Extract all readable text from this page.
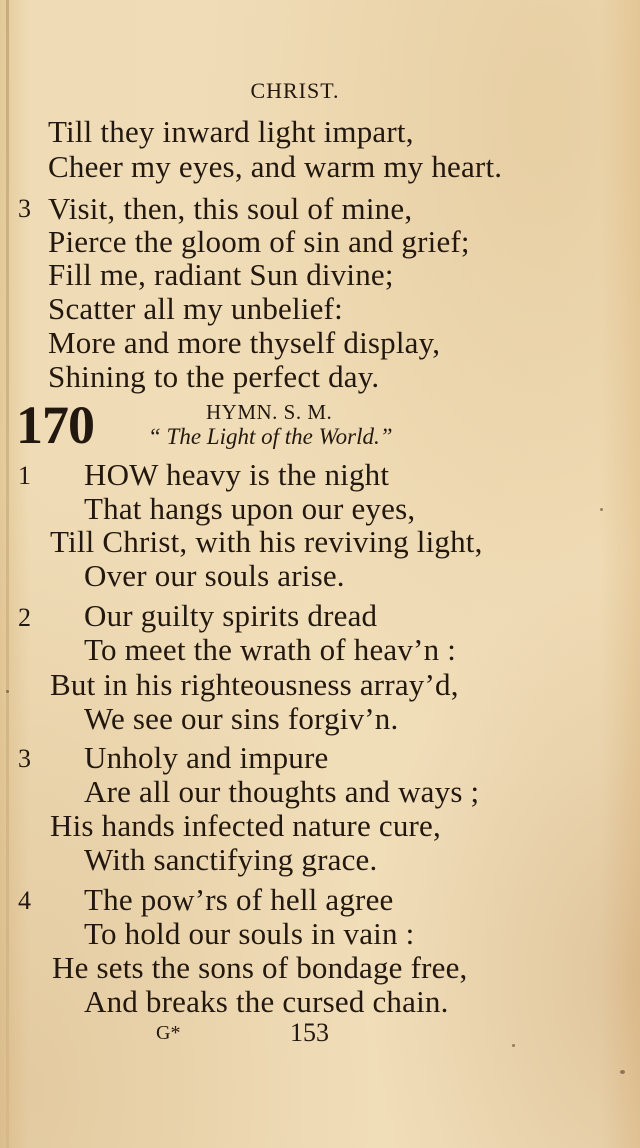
CHRIST.
Till they inward light impart,
Cheer my eyes, and warm my heart.
3 Visit, then, this soul of mine,
Pierce the gloom of sin and grief;
Fill me, radiant Sun divine;
Scatter all my unbelief:
More and more thyself display,
Shining to the perfect day.
170	HYMN. S. M.
“ The Light of the World.”
1 HOW heavy is the night
That hangs upon our eyes,
Till Christ, with his reviving light,
Over our souls arise.
2 Our guilty spirits dread
To meet the wrath of heav’n :
But in his righteousness array’d,
We see our sins forgiv’n.
3 Unholy and impure
Are all our thoughts and ways ;
His hands infected nature cure,
With sanctifying grace.
4 The pow’rs of hell agree
To hold our souls in vain :
He sets the sons of bondage free,
And breaks the cursed chain.
G*	153
